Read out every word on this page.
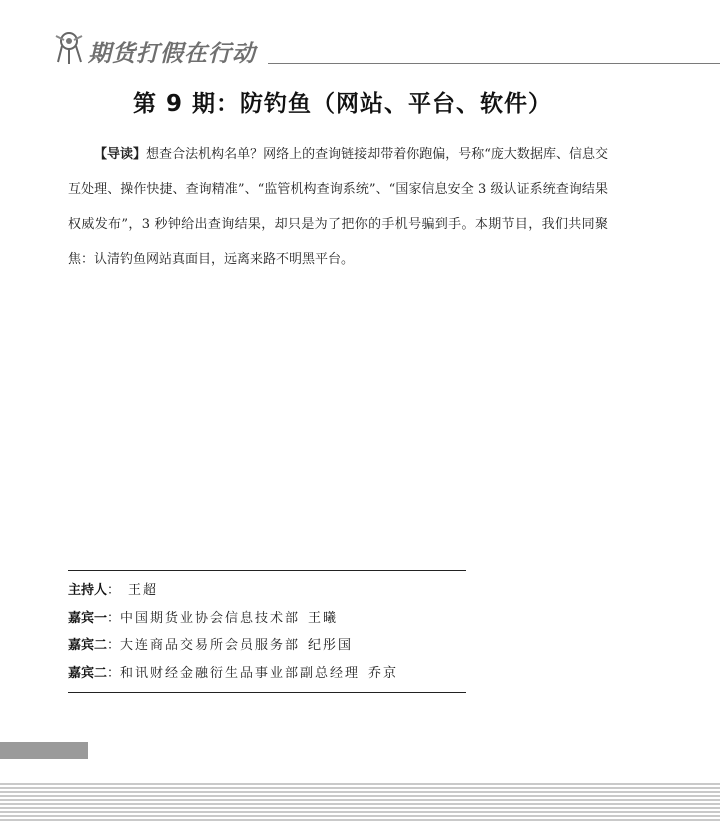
期货打假在行动
第 9 期：防钓鱼（网站、平台、软件）

【导读】想查合法机构名单？网络上的查询链接却带着你跑偏，号称“庞大数据库、信息交互处理、操作快捷、查询精准”、“监管机构查询系统”、“国家信息安全 3 级认证系统查询结果权威发布”，3 秒钟给出查询结果，却只是为了把你的手机号骗到手。本期节目，我们共同聚焦：认清钓鱼网站真面目，远离来路不明黑平台。

主持人： 王超
嘉宾一：中国期货业协会信息技术部 王曦
嘉宾二：大连商品交易所会员服务部 纪彤国
嘉宾二：和讯财经金融衍生品事业部副总经理 乔京
